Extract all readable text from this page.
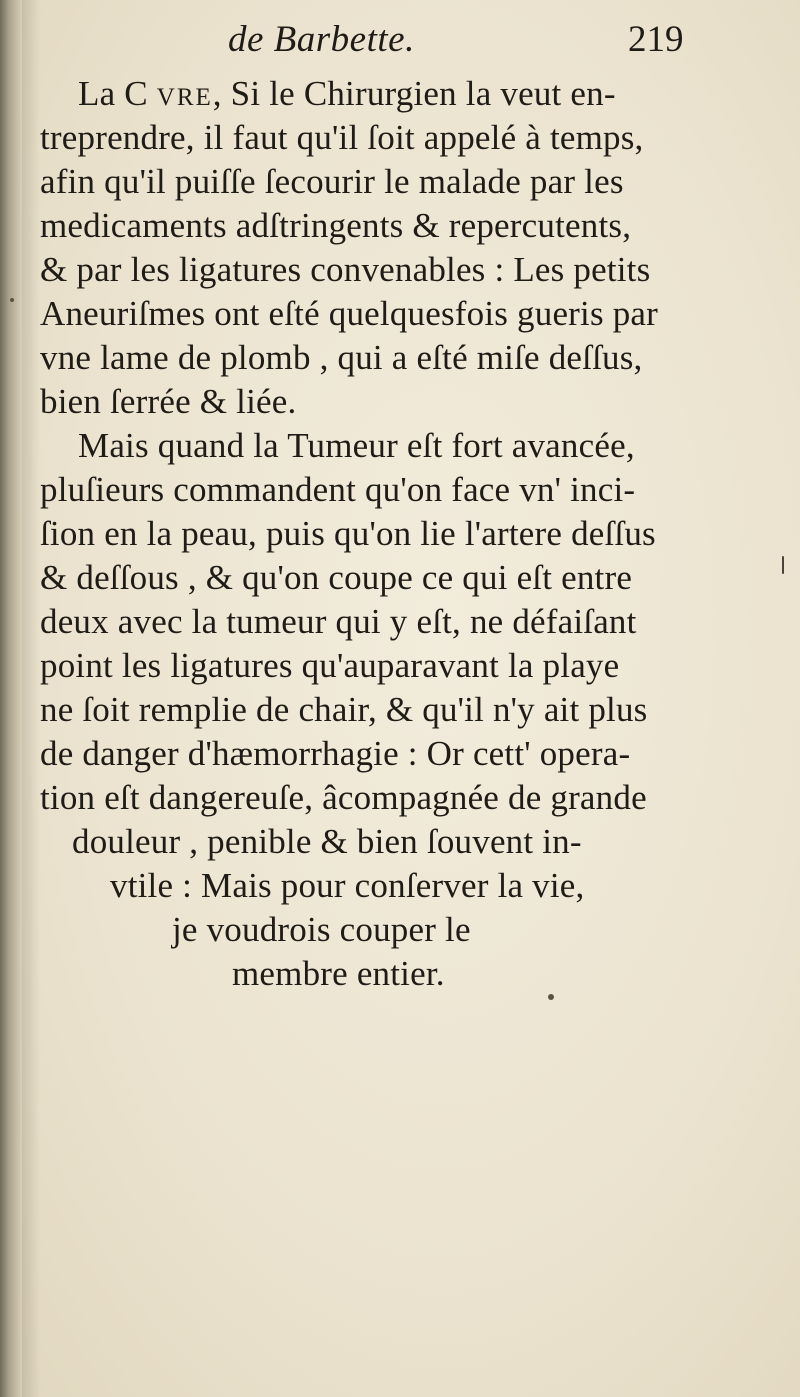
de Barbette.	219
La C vre, Si le Chirurgien la veut en-
treprendre, il faut qu'il ſoit appelé à temps,
afin qu'il puiſſe ſecourir le malade par les
medicaments adſtringents & repercutents,
& par les ligatures convenables : Les petits
Aneuriſmes ont eſté quelquesfois gueris par
vne lame de plomb , qui a eſté miſe deſſus,
bien ſerrée & liée.
Mais quand la Tumeur eſt fort avancée,
pluſieurs commandent qu'on face vn' inci-
ſion en la peau, puis qu'on lie l'artere deſſus
& deſſous , & qu'on coupe ce qui eſt entre
deux avec la tumeur qui y eſt, ne défaiſant
point les ligatures qu'auparavant la playe
ne ſoit remplie de chair, & qu'il n'y ait plus
de danger d'hæmorrhagie : Or cett' opera-
tion eſt dangereuſe, âcompagnée de grande
douleur , penible & bien ſouvent in-
vtile : Mais pour conſerver la vie,
je voudrois couper le
membre entier.
